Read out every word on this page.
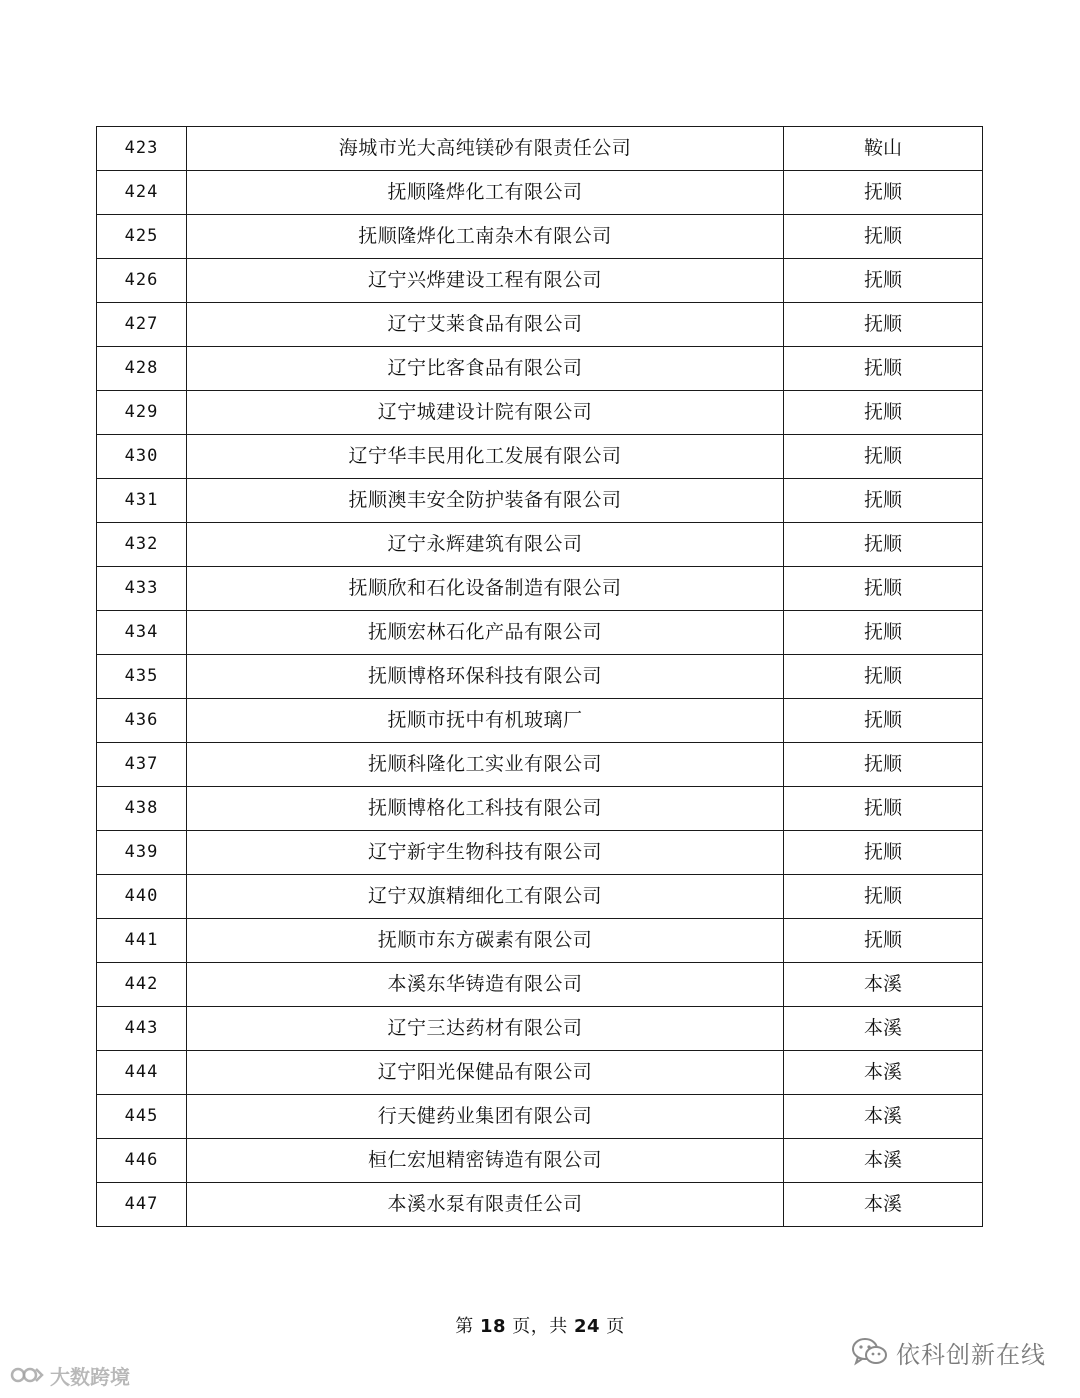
423	海城市光大高纯镁砂有限责任公司	鞍山
424	抚顺隆烨化工有限公司	抚顺
425	抚顺隆烨化工南杂木有限公司	抚顺
426	辽宁兴烨建设工程有限公司	抚顺
427	辽宁艾莱食品有限公司	抚顺
428	辽宁比客食品有限公司	抚顺
429	辽宁城建设计院有限公司	抚顺
430	辽宁华丰民用化工发展有限公司	抚顺
431	抚顺澳丰安全防护装备有限公司	抚顺
432	辽宁永辉建筑有限公司	抚顺
433	抚顺欣和石化设备制造有限公司	抚顺
434	抚顺宏林石化产品有限公司	抚顺
435	抚顺博格环保科技有限公司	抚顺
436	抚顺市抚中有机玻璃厂	抚顺
437	抚顺科隆化工实业有限公司	抚顺
438	抚顺博格化工科技有限公司	抚顺
439	辽宁新宇生物科技有限公司	抚顺
440	辽宁双旗精细化工有限公司	抚顺
441	抚顺市东方碳素有限公司	抚顺
442	本溪东华铸造有限公司	本溪
443	辽宁三达药材有限公司	本溪
444	辽宁阳光保健品有限公司	本溪
445	行天健药业集团有限公司	本溪
446	桓仁宏旭精密铸造有限公司	本溪
447	本溪水泵有限责任公司	本溪
第 18 页，共 24 页
大数跨境
依科创新在线
